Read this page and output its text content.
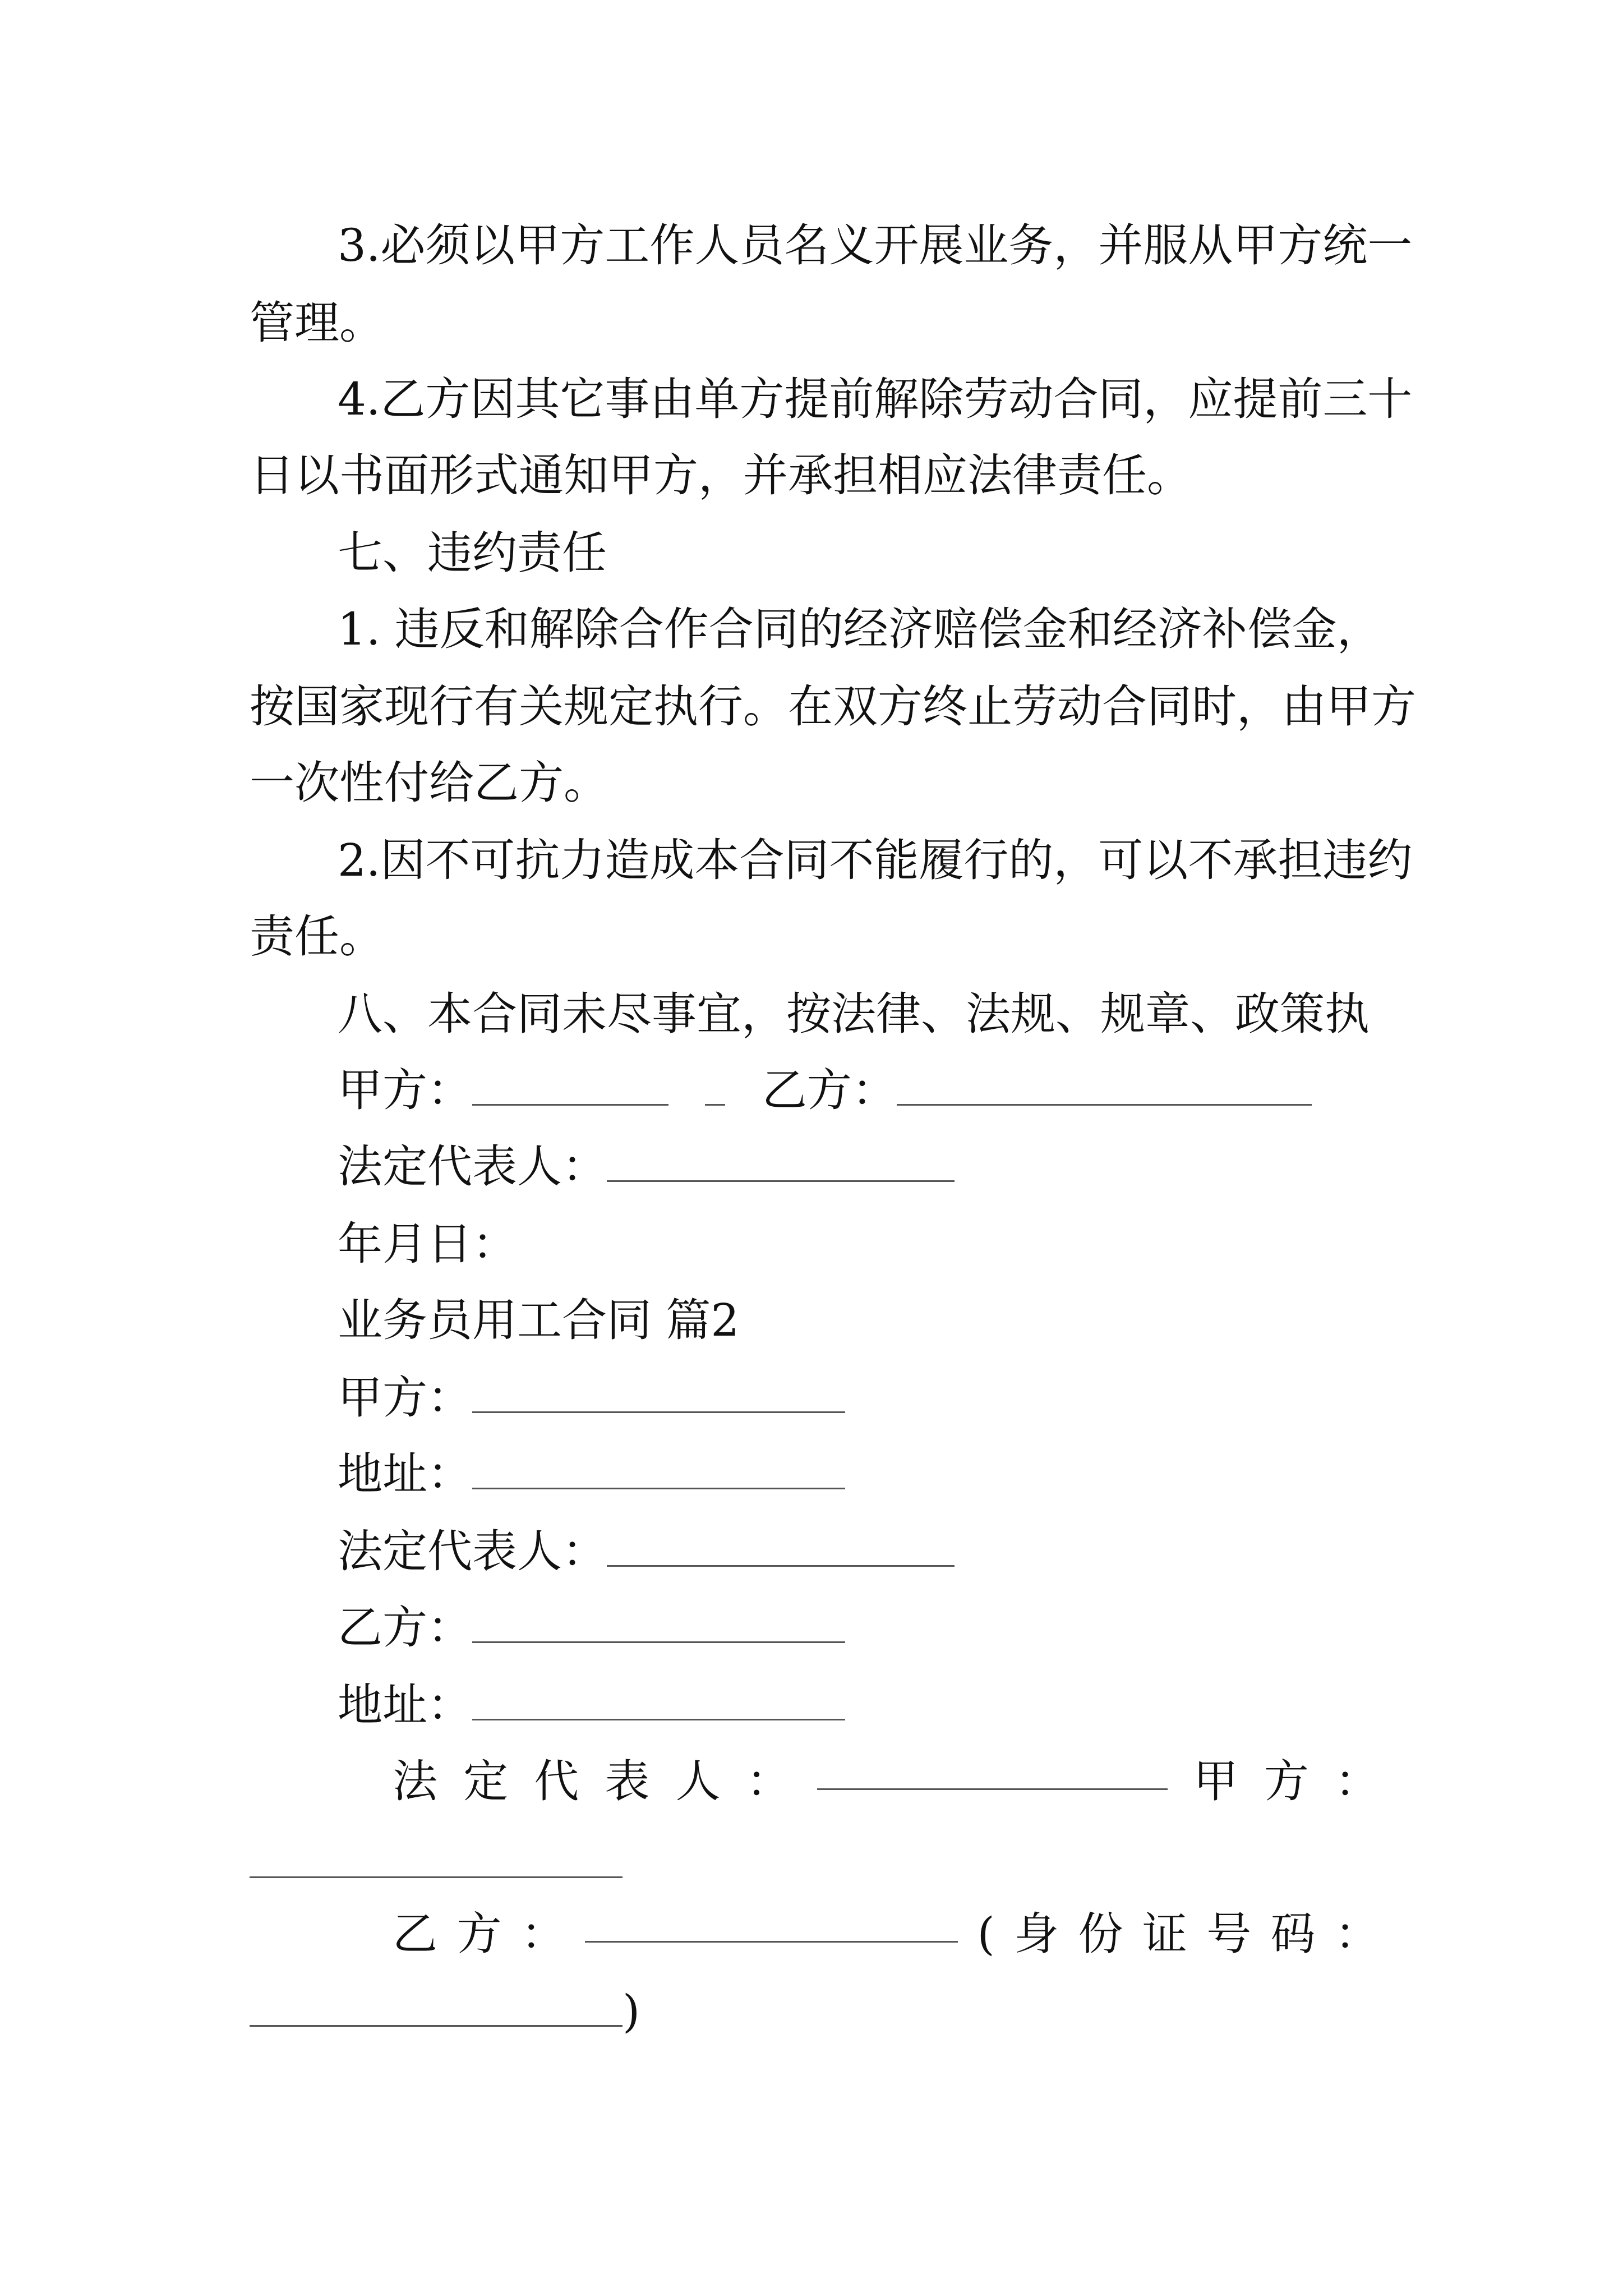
3.必须以甲方工作人员名义开展业务，并服从甲方统一
管理。
4.乙方因其它事由单方提前解除劳动合同，应提前三十
日以书面形式通知甲方，并承担相应法律责任。
七、违约责任
1. 违反和解除合作合同的经济赔偿金和经济补偿金，
按国家现行有关规定执行。在双方终止劳动合同时，由甲方
一次性付给乙方。
2.因不可抗力造成本合同不能履行的，可以不承担违约
责任。
八、本合同未尽事宜，按法律、法规、规章、政策执
甲方：	乙方：
法定代表人：
年月日：
业务员用工合同 篇2
甲方：
地址：
法定代表人：
乙方：
地址：
法 定 代 表 人 ：	甲 方 ：
乙 方 ：	( 身 份 证 号 码 ：
)
